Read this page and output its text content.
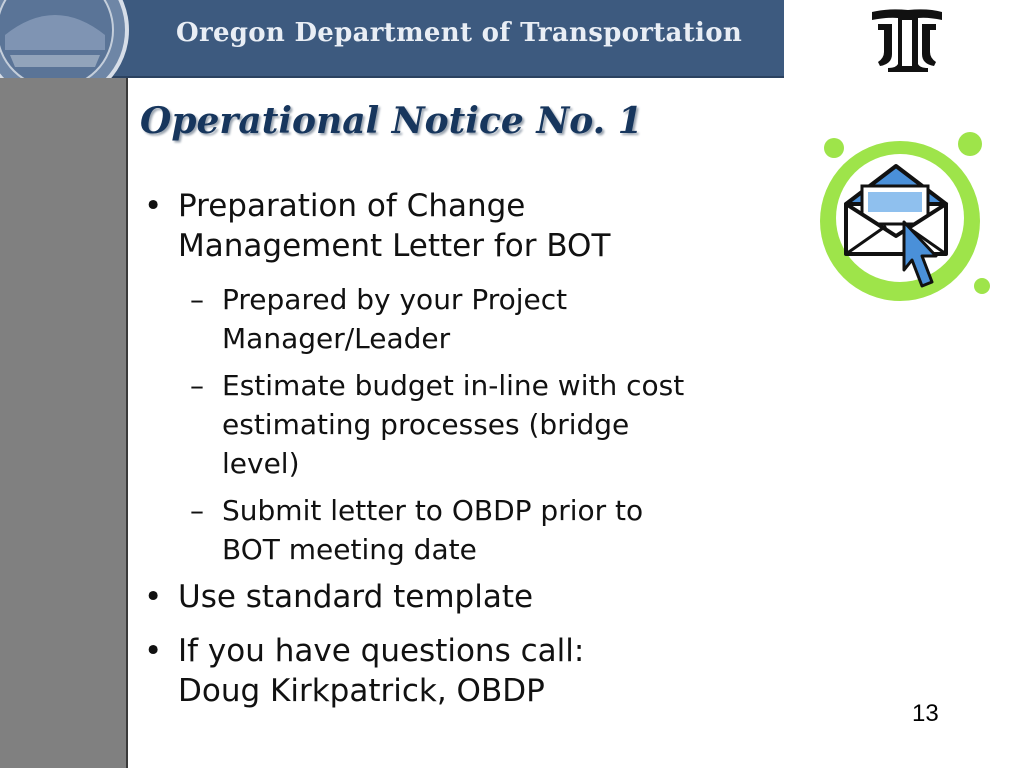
Oregon Department of Transportation
Operational Notice No. 1
• Preparation of Change
Management Letter for BOT
– Prepared by your Project
Manager/Leader
– Estimate budget in-line with cost
estimating processes (bridge
level)
– Submit letter to OBDP prior to
BOT meeting date
• Use standard template
• If you have questions call:
Doug Kirkpatrick, OBDP
13
